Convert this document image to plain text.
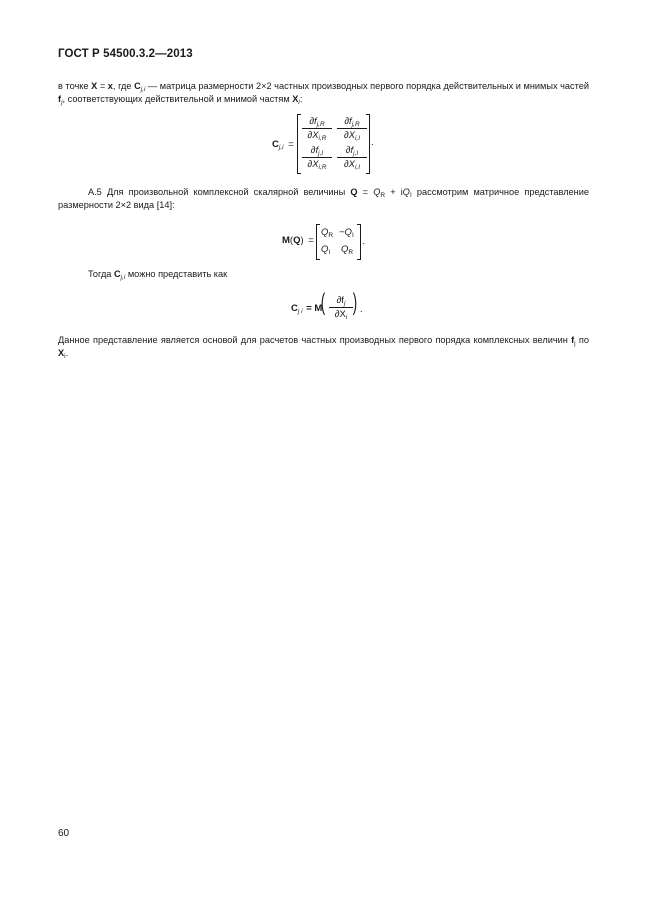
ГОСТ Р 54500.3.2—2013
в точке X = x, где $C_{j,i}$ — матрица размерности 2×2 частных производных первого порядка действительных и мнимых частей $f_j$, соответствующих действительной и мнимой частям $X_i$:
$C_{j,i}$ =
$\frac{\partial f_{j,R}}{\partial X_{i,R}} \frac{\partial f_{j,R}}{\partial X_{i,I}}$
$\frac{\partial f_{j,I}}{\partial X_{i,R}} \frac{\partial f_{j,I}}{\partial X_{i,I}}$
.
А.5 Для произвольной комплексной скалярной величины $Q = Q_R + iQ_I$ рассмотрим матричное представление размерности 2×2 вида [14]:
M(Q) =
$Q_R -Q_I$
$Q_I$ $Q_R$
.
Тогда $C_{j,i}$ можно представить как
$C_{j i} = M$
( $\frac{\partial f_j}{\partial X_i}$ ) .
Данное представление является основой для расчетов частных производных первого порядка комплексных величин $f_j$ по $X_i$.
60
